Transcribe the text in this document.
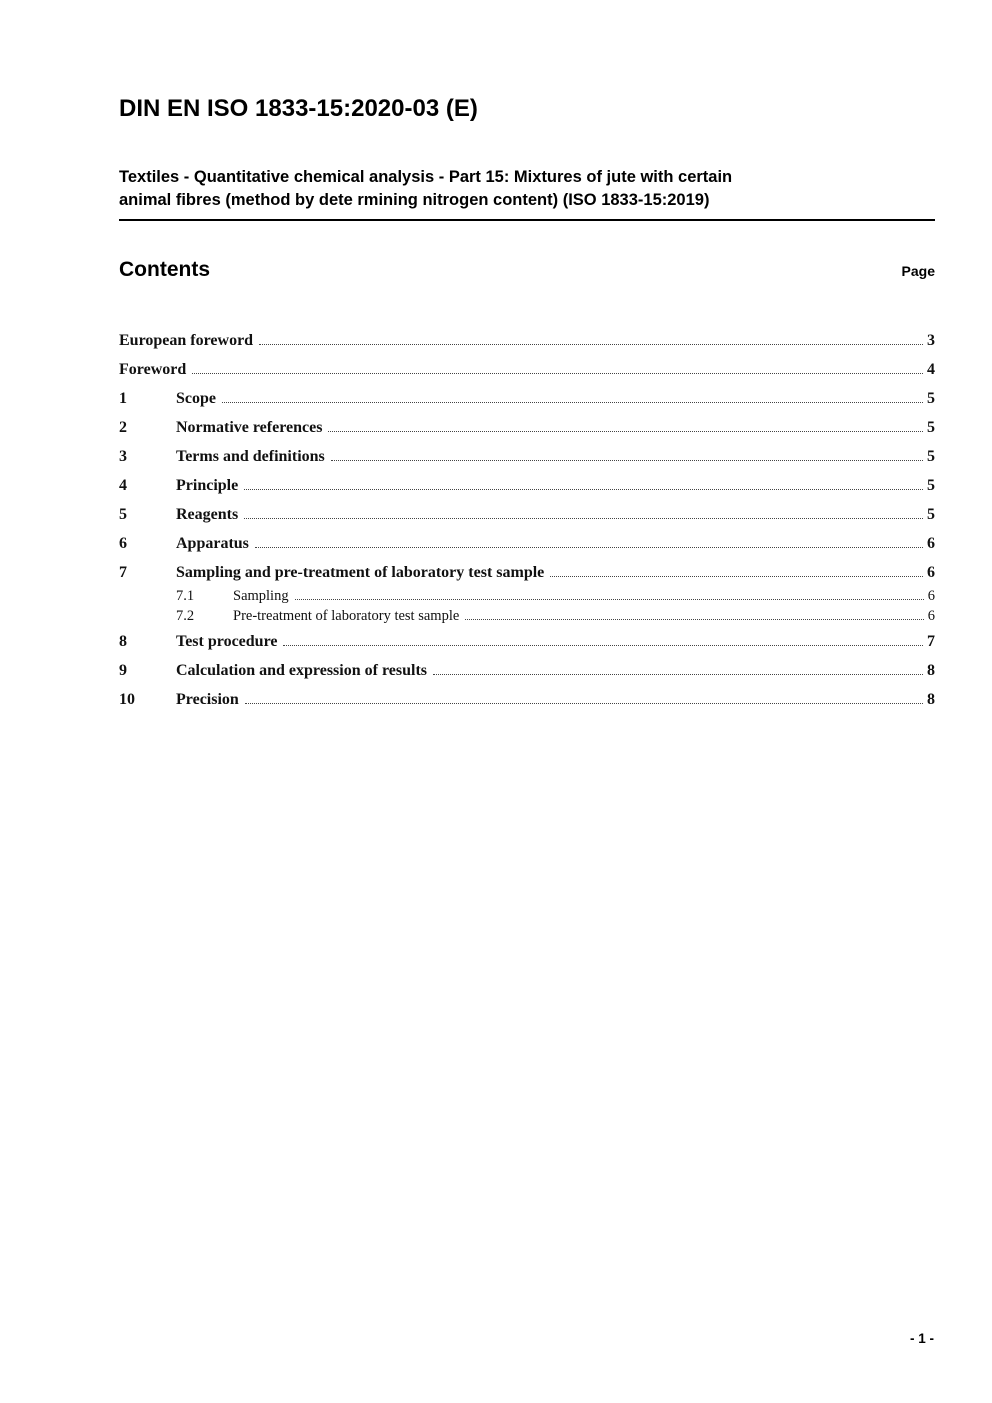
DIN EN ISO 1833-15:2020-03 (E)
Textiles - Quantitative chemical analysis - Part 15: Mixtures of jute with certain
animal fibres (method by dete rmining nitrogen content) (ISO 1833-15:2019)
Contents	Page
European foreword	3
Foreword	4
1	Scope	5
2	Normative references	5
3	Terms and definitions	5
4	Principle	5
5	Reagents	5
6	Apparatus	6
7	Sampling and pre-treatment of laboratory test sample	6
7.1	Sampling	6
7.2	Pre-treatment of laboratory test sample	6
8	Test procedure	7
9	Calculation and expression of results	8
10	Precision	8
- 1 -
